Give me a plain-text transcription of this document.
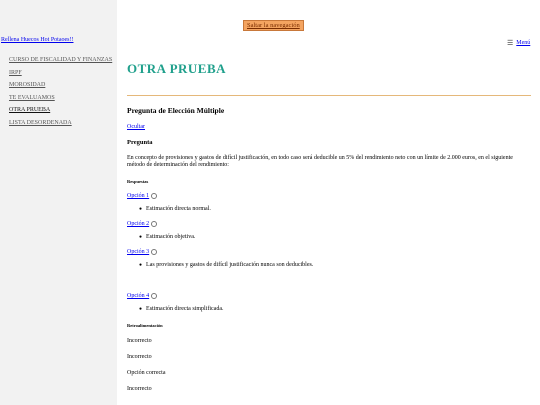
Saltar la navegación
Rellena Huecos Hot Potaoes!!
CURSO DE FISCALIDAD Y FINANZAS
IRPF
MOROSIDAD
TE EVALUAMOS
OTRA PRUEBA
LISTA DESORDENADA
☰ Menú
OTRA PRUEBA
Pregunta de Elección Múltiple
Ocultar
Pregunta
En concepto de provisiones y gastos de difícil justificación, en todo caso será deducible un 5% del rendimiento neto con un límite de 2.000 euros, en el siguiente método de determinación del rendimiento:
Respuestas
Opción 1
● Estimación directa normal.
Opción 2
● Estimación objetiva.
Opción 3
● Las provisiones y gastos de difícil justificación nunca son deducibles.
Opción 4
● Estimación directa simplificada.
Retroalimentación
Incorrecto
Incorrecto
Opción correcta
Incorrecto
